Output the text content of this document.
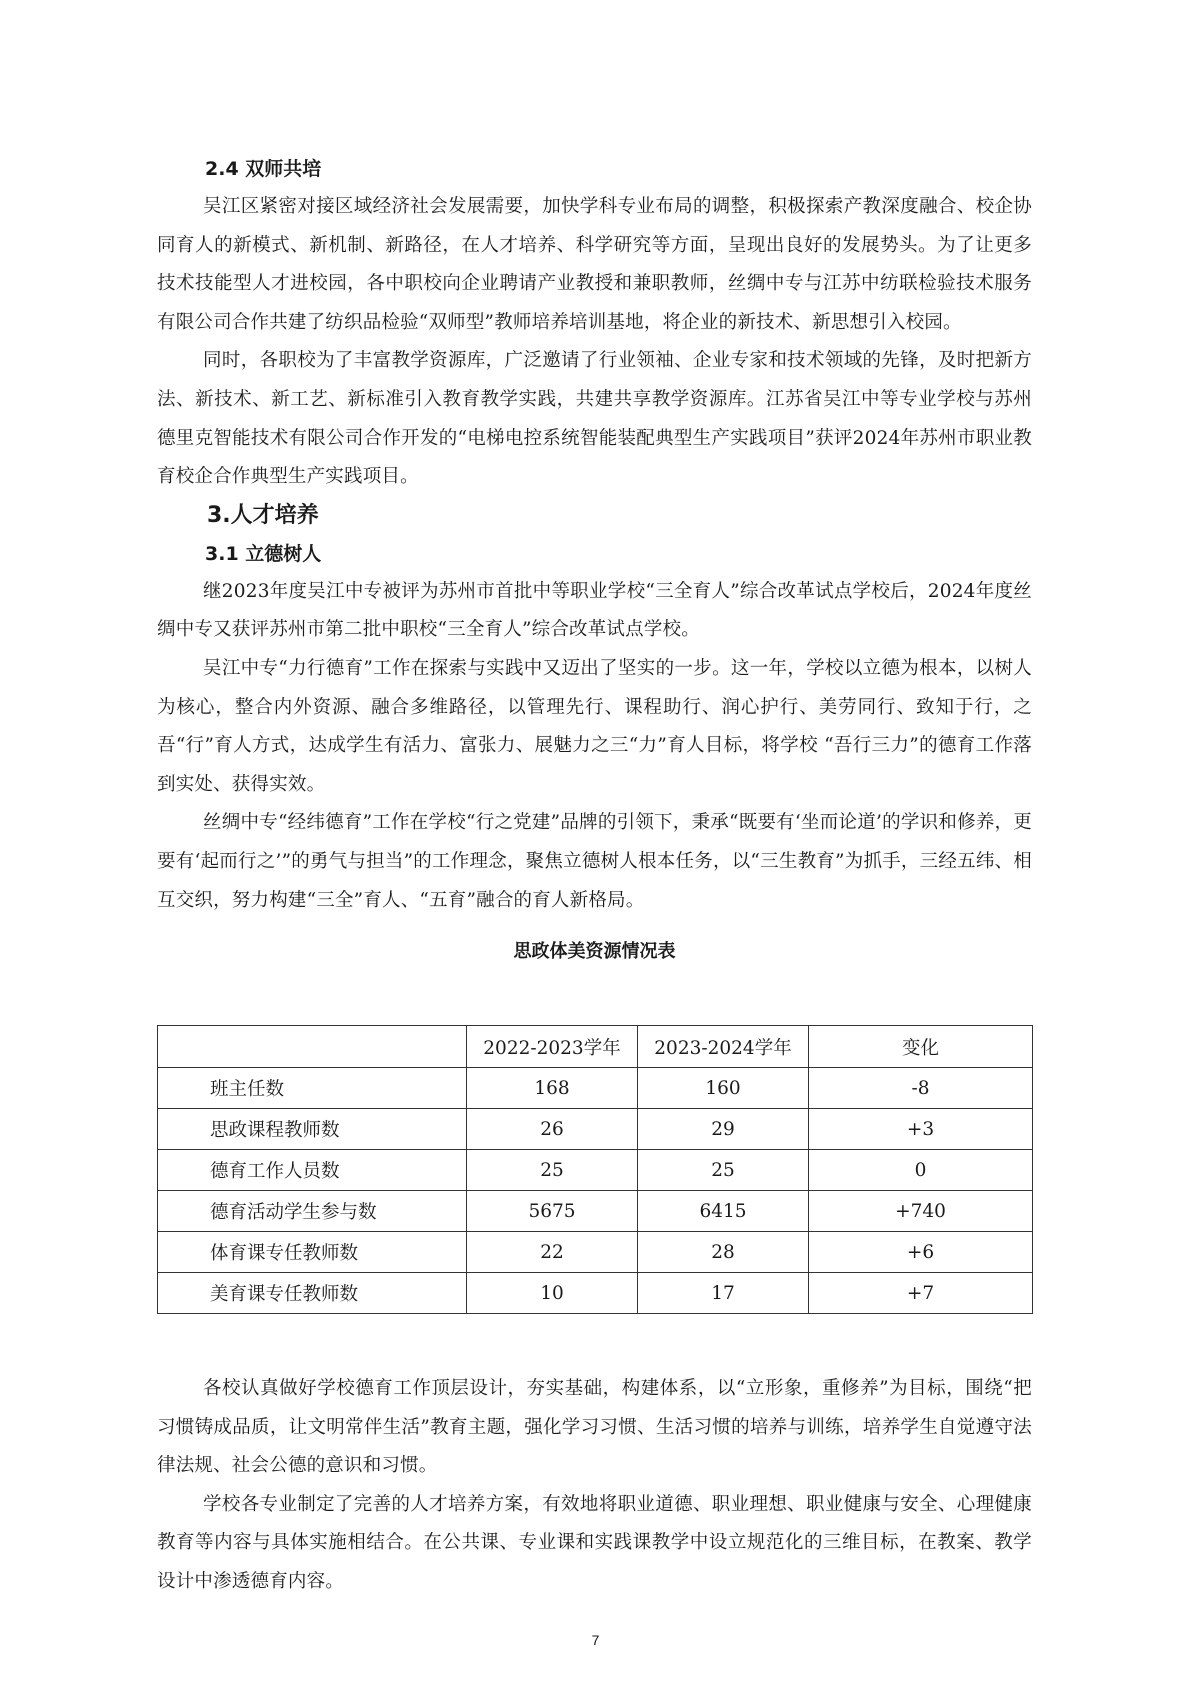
2.4 双师共培

吴江区紧密对接区域经济社会发展需要，加快学科专业布局的调整，积极探索产教深度融合、校企协同育人的新模式、新机制、新路径，在人才培养、科学研究等方面，呈现出良好的发展势头。为了让更多技术技能型人才进校园，各中职校向企业聘请产业教授和兼职教师，丝绸中专与江苏中纺联检验技术服务有限公司合作共建了纺织品检验“双师型”教师培养培训基地，将企业的新技术、新思想引入校园。

同时，各职校为了丰富教学资源库，广泛邀请了行业领袖、企业专家和技术领域的先锋，及时把新方法、新技术、新工艺、新标准引入教育教学实践，共建共享教学资源库。江苏省吴江中等专业学校与苏州德里克智能技术有限公司合作开发的“电梯电控系统智能装配典型生产实践项目”获评2024年苏州市职业教育校企合作典型生产实践项目。

3.人才培养
3.1 立德树人

继2023年度吴江中专被评为苏州市首批中等职业学校“三全育人”综合改革试点学校后，2024年度丝绸中专又获评苏州市第二批中职校“三全育人”综合改革试点学校。

吴江中专“力行德育”工作在探索与实践中又迈出了坚实的一步。这一年，学校以立德为根本，以树人为核心，整合内外资源、融合多维路径，以管理先行、课程助行、润心护行、美劳同行、致知于行，之吾“行”育人方式，达成学生有活力、富张力、展魅力之三“力”育人目标，将学校 “吾行三力”的德育工作落到实处、获得实效。

丝绸中专“经纬德育”工作在学校“行之党建”品牌的引领下，秉承“既要有‘坐而论道’的学识和修养，更要有‘起而行之’”的勇气与担当”的工作理念，聚焦立德树人根本任务，以“三生教育”为抓手，三经五纬、相互交织，努力构建“三全”育人、“五育”融合的育人新格局。

思政体美资源情况表
	2022-2023学年	2023-2024学年	变化
班主任数	168	160	-8
思政课程教师数	26	29	+3
德育工作人员数	25	25	0
德育活动学生参与数	5675	6415	+740
体育课专任教师数	22	28	+6
美育课专任教师数	10	17	+7

各校认真做好学校德育工作顶层设计，夯实基础，构建体系，以“立形象，重修养”为目标，围绕“把习惯铸成品质，让文明常伴生活”教育主题，强化学习习惯、生活习惯的培养与训练，培养学生自觉遵守法律法规、社会公德的意识和习惯。

学校各专业制定了完善的人才培养方案，有效地将职业道德、职业理想、职业健康与安全、心理健康教育等内容与具体实施相结合。在公共课、专业课和实践课教学中设立规范化的三维目标，在教案、教学设计中渗透德育内容。

7
